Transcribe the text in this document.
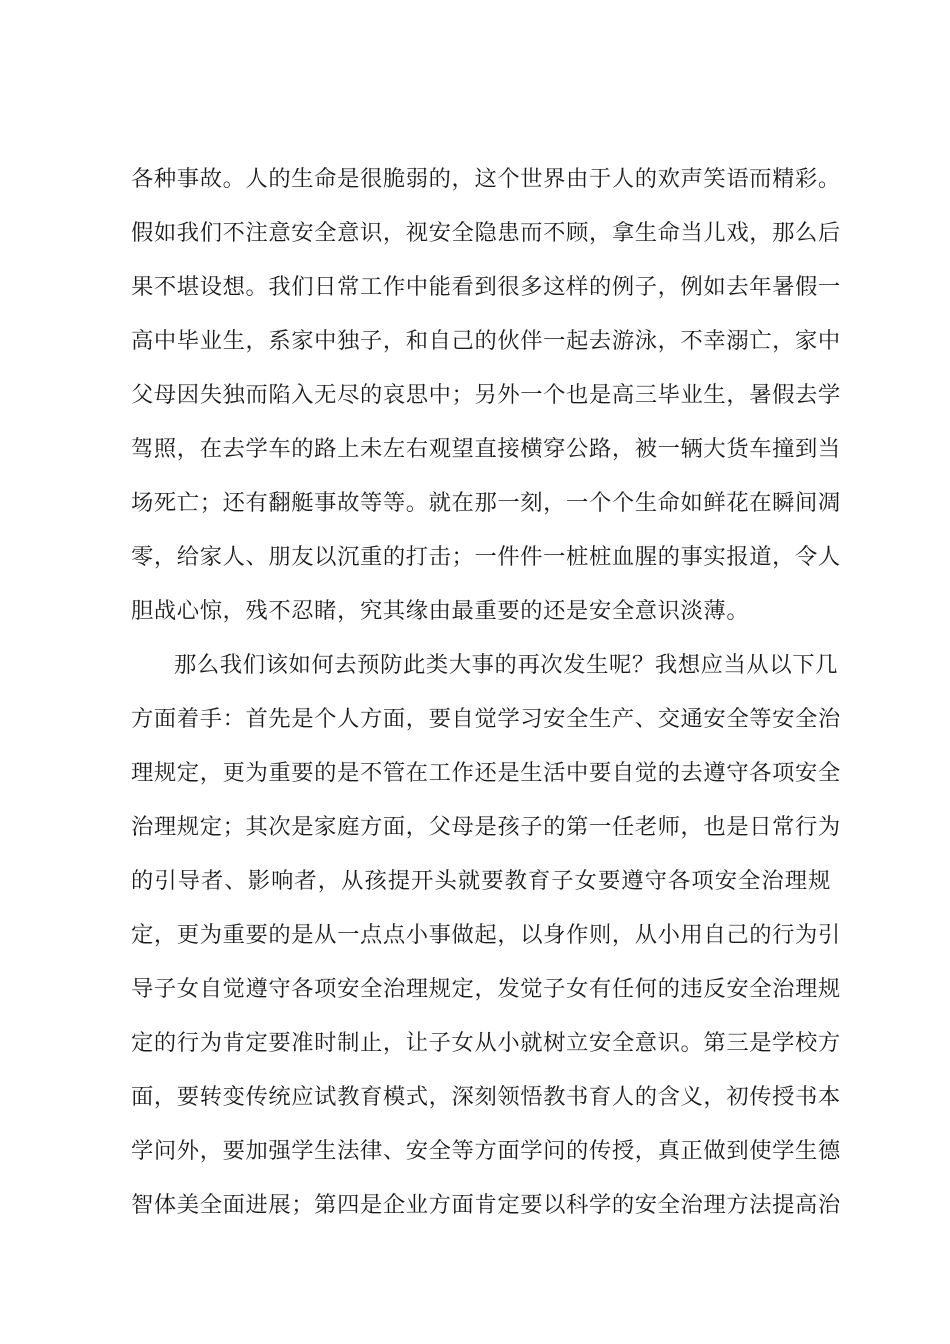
各种事故。人的生命是很脆弱的，这个世界由于人的欢声笑语而精彩。
假如我们不注意安全意识，视安全隐患而不顾，拿生命当儿戏，那么后
果不堪设想。我们日常工作中能看到很多这样的例子，例如去年暑假一
高中毕业生，系家中独子，和自己的伙伴一起去游泳，不幸溺亡，家中
父母因失独而陷入无尽的哀思中；另外一个也是高三毕业生，暑假去学
驾照，在去学车的路上未左右观望直接横穿公路，被一辆大货车撞到当
场死亡；还有翻艇事故等等。就在那一刻，一个个生命如鲜花在瞬间凋
零，给家人、朋友以沉重的打击；一件件一桩桩血腥的事实报道，令人
胆战心惊，残不忍睹，究其缘由最重要的还是安全意识淡薄。
那么我们该如何去预防此类大事的再次发生呢？我想应当从以下几
方面着手：首先是个人方面，要自觉学习安全生产、交通安全等安全治
理规定，更为重要的是不管在工作还是生活中要自觉的去遵守各项安全
治理规定；其次是家庭方面，父母是孩子的第一任老师，也是日常行为
的引导者、影响者，从孩提开头就要教育子女要遵守各项安全治理规
定，更为重要的是从一点点小事做起，以身作则，从小用自己的行为引
导子女自觉遵守各项安全治理规定，发觉子女有任何的违反安全治理规
定的行为肯定要准时制止，让子女从小就树立安全意识。第三是学校方
面，要转变传统应试教育模式，深刻领悟教书育人的含义，初传授书本
学问外，要加强学生法律、安全等方面学问的传授，真正做到使学生德
智体美全面进展；第四是企业方面肯定要以科学的安全治理方法提高治
